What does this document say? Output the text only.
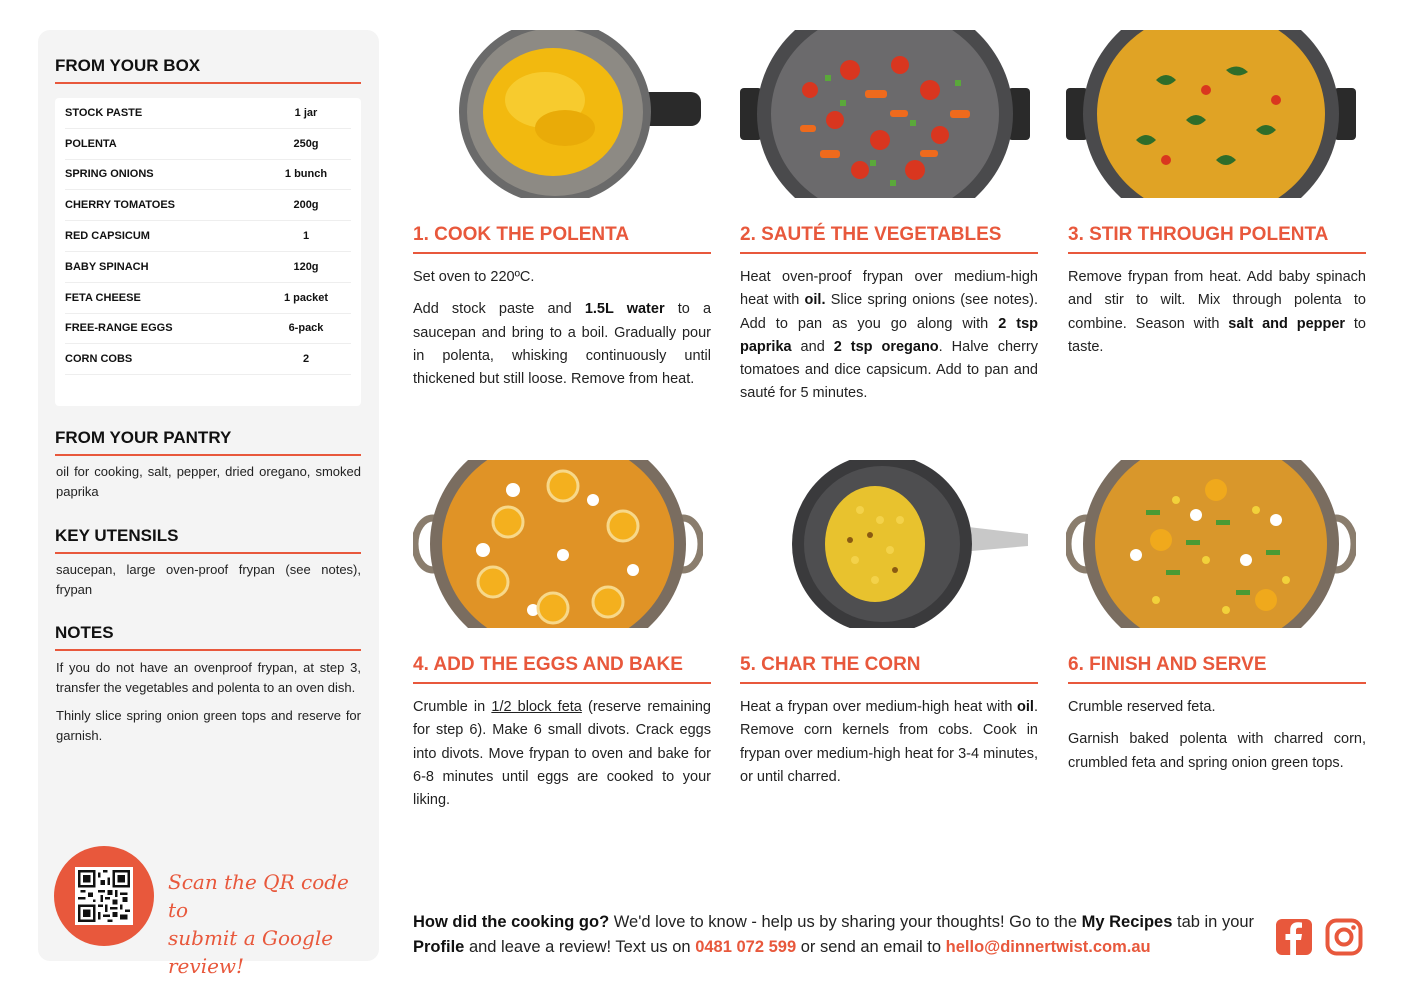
FROM YOUR BOX
STOCK PASTE	1 jar
POLENTA	250g
SPRING ONIONS	1 bunch
CHERRY TOMATOES	200g
RED CAPSICUM	1
BABY SPINACH	120g
FETA CHEESE	1 packet
FREE-RANGE EGGS	6-pack
CORN COBS	2
FROM YOUR PANTRY
oil for cooking, salt, pepper, dried oregano, smoked paprika
KEY UTENSILS
saucepan, large oven-proof frypan (see notes), frypan
NOTES

If you do not have an ovenproof frypan, at step 3, transfer the vegetables and polenta to an oven dish.

Thinly slice spring onion green tops and reserve for garnish.

Scan the QR code to
submit a Google review!
1. COOK THE POLENTA

Set oven to 220ºC.

Add stock paste and 1.5L water to a saucepan and bring to a boil. Gradually pour in polenta, whisking continuously until thickened but still loose. Remove from heat.

2. SAUTÉ THE VEGETABLES

Heat oven-proof frypan over medium-high heat with oil. Slice spring onions (see notes). Add to pan as you go along with 2 tsp paprika and 2 tsp oregano. Halve cherry tomatoes and dice capsicum. Add to pan and sauté for 5 minutes.

3. STIR THROUGH POLENTA

Remove frypan from heat. Add baby spinach and stir to wilt. Mix through polenta to combine. Season with salt and pepper to taste.

4. ADD THE EGGS AND BAKE

Crumble in 1/2 block feta (reserve remaining for step 6). Make 6 small divots. Crack eggs into divots. Move frypan to oven and bake for 6-8 minutes until eggs are cooked to your liking.

5. CHAR THE CORN

Heat a frypan over medium-high heat with oil. Remove corn kernels from cobs. Cook in frypan over medium-high heat for 3-4 minutes, or until charred.

6. FINISH AND SERVE

Crumble reserved feta.

Garnish baked polenta with charred corn, crumbled feta and spring onion green tops.

How did the cooking go? We'd love to know - help us by sharing your thoughts! Go to the My Recipes tab in your Profile and leave a review! Text us on 0481 072 599 or send an email to hello@dinnertwist.com.au
